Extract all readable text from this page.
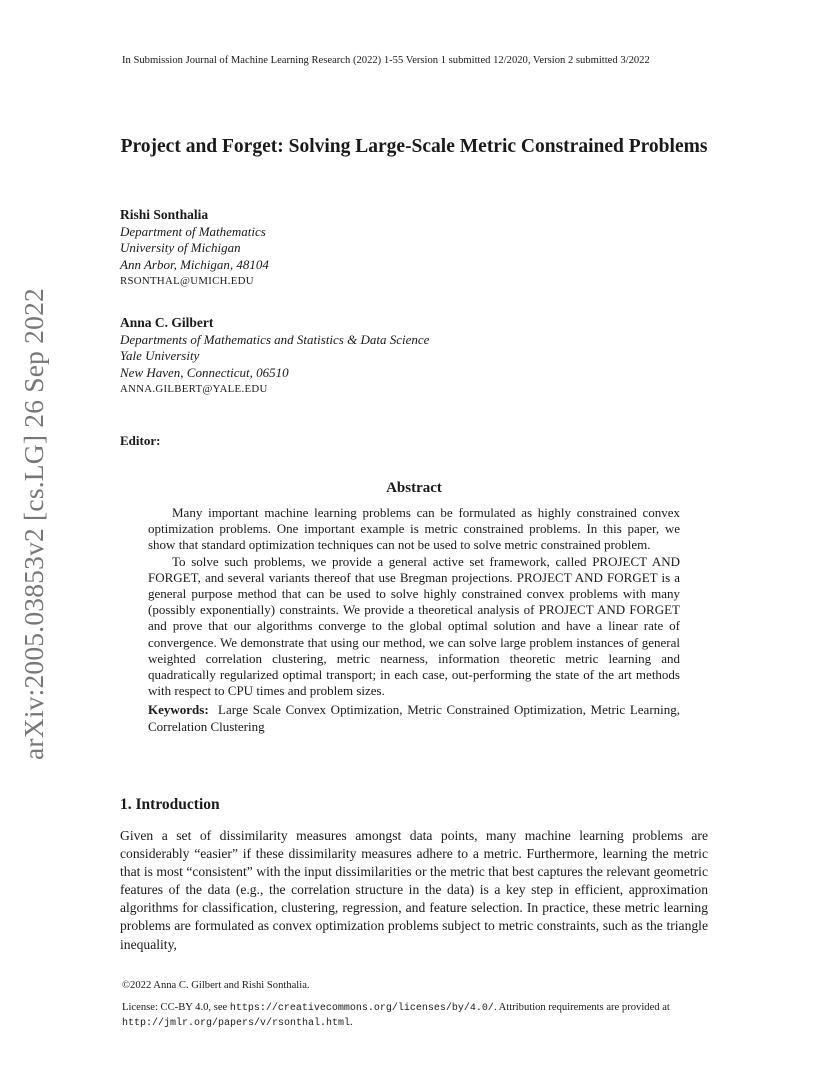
arXiv:2005.03853v2 [cs.LG] 26 Sep 2022
In Submission Journal of Machine Learning Research (2022) 1-55 Version 1 submitted 12/2020, Version 2 submitted 3/2022
Project and Forget: Solving Large-Scale Metric Constrained Problems
Rishi Sonthalia
Department of Mathematics
University of Michigan
Ann Arbor, Michigan, 48104
RSONTHAL@UMICH.EDU
Anna C. Gilbert
Departments of Mathematics and Statistics & Data Science
Yale University
New Haven, Connecticut, 06510
ANNA.GILBERT@YALE.EDU
Editor:
Abstract

Many important machine learning problems can be formulated as highly constrained convex optimization problems. One important example is metric constrained problems. In this paper, we show that standard optimization techniques can not be used to solve metric constrained problem.

To solve such problems, we provide a general active set framework, called PROJECT AND FORGET, and several variants thereof that use Bregman projections. PROJECT AND FORGET is a general purpose method that can be used to solve highly constrained convex problems with many (possibly exponentially) constraints. We provide a theoretical analysis of PROJECT AND FORGET and prove that our algorithms converge to the global optimal solution and have a linear rate of convergence. We demonstrate that using our method, we can solve large problem instances of general weighted correlation clustering, metric nearness, information theoretic metric learning and quadratically regularized optimal transport; in each case, out-performing the state of the art methods with respect to CPU times and problem sizes.

Keywords: Large Scale Convex Optimization, Metric Constrained Optimization, Metric Learning, Correlation Clustering
1. Introduction

Given a set of dissimilarity measures amongst data points, many machine learning problems are considerably “easier” if these dissimilarity measures adhere to a metric. Furthermore, learning the metric that is most “consistent” with the input dissimilarities or the metric that best captures the relevant geometric features of the data (e.g., the correlation structure in the data) is a key step in efficient, approximation algorithms for classification, clustering, regression, and feature selection. In practice, these metric learning problems are formulated as convex optimization problems subject to metric constraints, such as the triangle inequality,

©2022 Anna C. Gilbert and Rishi Sonthalia.
License: CC-BY 4.0, see https://creativecommons.org/licenses/by/4.0/. Attribution requirements are provided at http://jmlr.org/papers/v/rsonthal.html.
